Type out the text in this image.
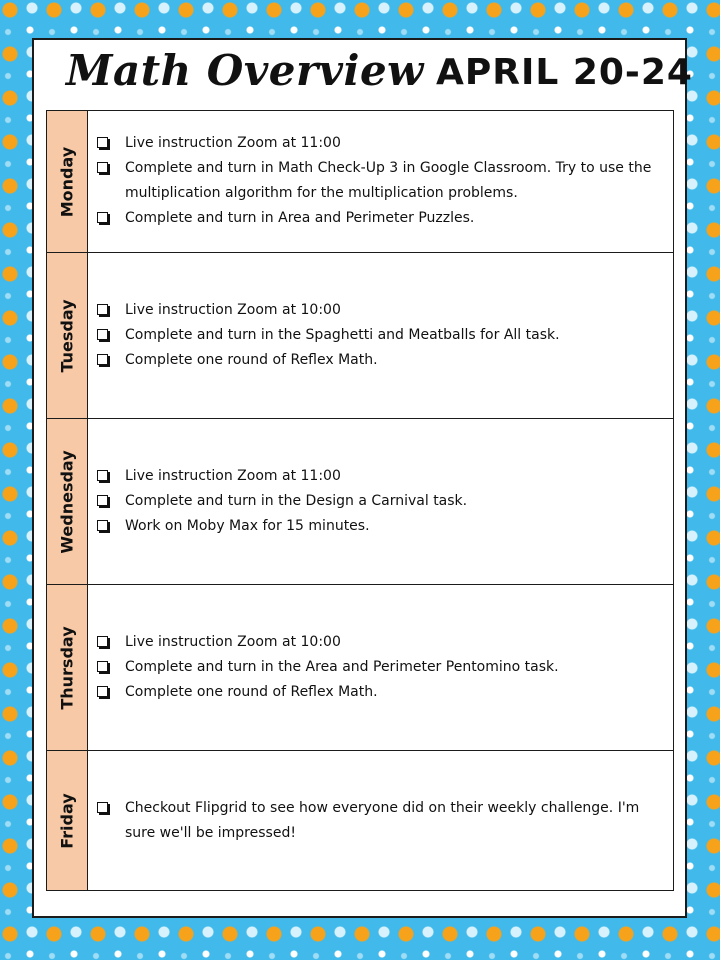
Math Overview APRIL 20-24
Monday
Live instruction Zoom at 11:00
Complete and turn in Math Check-Up 3 in Google Classroom. Try to use the multiplication algorithm for the multiplication problems.
Complete and turn in Area and Perimeter Puzzles.
Tuesday	Live instruction Zoom at 10:00
Complete and turn in the Spaghetti and Meatballs for All task.
Complete one round of Reflex Math.
Wednesday	Live instruction Zoom at 11:00
Complete and turn in the Design a Carnival task.
Work on Moby Max for 15 minutes.
Thursday	Live instruction Zoom at 10:00
Complete and turn in the Area and Perimeter Pentomino task.
Complete one round of Reflex Math.
Friday	Checkout Flipgrid to see how everyone did on their weekly challenge. I'm sure we'll be impressed!
